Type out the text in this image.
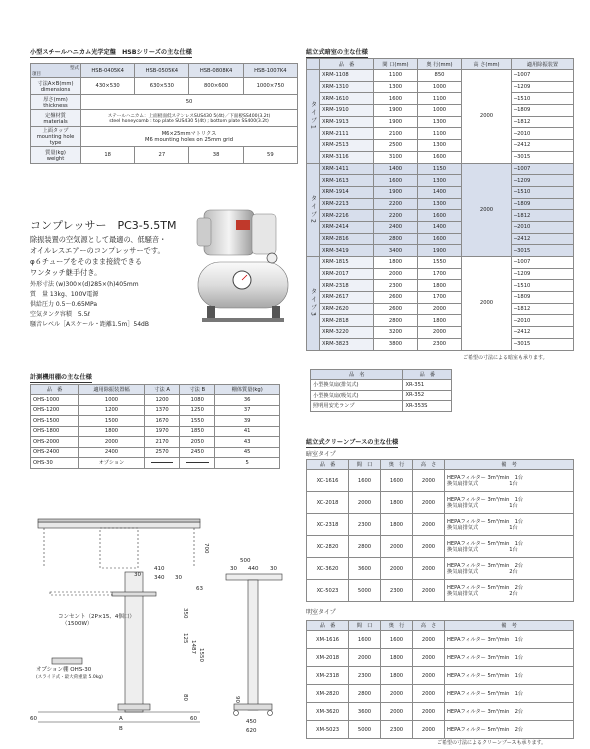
小型スチールハニカム光学定盤　HSBシリーズの主な仕様
型式
項目	HSB-0405K4	HSB-0505K4	HSB-0808K4	HSB-1007K4
寸法A×B(mm)
dimensions	430×530	630×530	800×600	1000×750
厚さ(mm)
thickness	50			
定盤材質
materials	ステールハニカム：上面板面低ステンレスSUS430 5(4t)／下面板SS400(3.2t)
steel honeycomb : top plate SUS430 5(4t) ; bottom plate SS400(3.2t)			
上面タップ
mounting hole type	M6×25mmマトリクス
M6 mounting holes on 25mm grid			
質量(kg)
weight	18	27	38	59
コンプレッサー　PC3-5.5TM
除振装置の空気源として最適の、低騒音・
オイルレスエアーのコンプレッサーです。
φ６チューブをそのまま接続できる
ワンタッチ継手付き。
外形寸法 (w)300×(d)285×(h)405mm
質　量 13kg、100V電源
供給圧力 0.5～0.65MPa
空気タンク容積　5.5ℓ
騒音レベル［Aスケール・距離1.5m］54dB
計測機用棚の主な仕様
品　番	適用除振装置幅	寸法 A	寸法 B	棚体質量(kg)
OHS-1000	1000	1200	1080	36
OHS-1200	1200	1370	1250	37
OHS-1500	1500	1670	1550	39
OHS-1800	1800	1970	1850	41
OHS-2000	2000	2170	2050	43
OHS-2400	2400	2570	2450	45
OHS-30	オプション			5
A
B
410
30 340 30
700
63
350
125
1487
1550
80
60	60
コンセント（2P×15、4個口）
（1500W）
オプション棚 OHS-30
(スライド式・最大荷重量 5.0kg)
500
30 440 30
90
450
620
組立式暗室の主な仕様
	品　番	間 口(mm)	奥 行(mm)	高 さ(mm)	適用除振装置
タイプ1	XRM-1108	1100	850	2000	─1007
	XRM-1310	1300	1000		─1209
	XRM-1610	1600	1100		─1510
	XRM-1910	1900	1000		─1809
	XRM-1913	1900	1300		─1812
	XRM-2111	2100	1100		─2010
	XRM-2513	2500	1300		─2412
	XRM-3116	3100	1600		─3015
タイプ2	XRM-1411	1400	1150	2000	─1007
	XRM-1613	1600	1300		─1209
	XRM-1914	1900	1400		─1510
	XRM-2213	2200	1300		─1809
	XRM-2216	2200	1600		─1812
	XRM-2414	2400	1400		─2010
	XRM-2816	2800	1600		─2412
	XRM-3419	3400	1900		─3015
タイプ3	XRM-1815	1800	1550	2000	─1007
	XRM-2017	2000	1700		─1209
	XRM-2318	2300	1800		─1510
	XRM-2617	2600	1700		─1809
	XRM-2620	2600	2000		─1812
	XRM-2818	2800	1800		─2010
	XRM-3220	3200	2000		─2412
	XRM-3823	3800	2300		─3015
ご希望の寸法による暗室も承ります。
品　名	品　番
小型換気扇(排気式)	XR-351
小型換気扇(吸気式)	XR-352
照明用安光ランプ	XR-353S
組立式クリーンブースの主な仕様
暗室タイプ
品　番	間　口	奥　行	高　さ	備　考
XC-1616	1600	1600	2000	HEPAフィルター 3m³/min　1台
換気扇排気式　　　　　　1台
XC-2018	2000	1800	2000	HEPAフィルター 3m³/min　1台
換気扇排気式　　　　　　1台
XC-2318	2300	1800	2000	HEPAフィルター 5m³/min　1台
換気扇排気式　　　　　　1台
XC-2820	2800	2000	2000	HEPAフィルター 5m³/min　1台
換気扇排気式　　　　　　1台
XC-3620	3600	2000	2000	HEPAフィルター 3m³/min　2台
換気扇排気式　　　　　　2台
XC-5023	5000	2300	2000	HEPAフィルター 5m³/min　2台
換気扇排気式　　　　　　2台
明室タイプ
品　番	間　口	奥　行	高　さ	備　考
XM-1616	1600	1600	2000	HEPAフィルター 3m³/min　1台
XM-2018	2000	1800	2000	HEPAフィルター 3m³/min　1台
XM-2318	2300	1800	2000	HEPAフィルター 5m³/min　1台
XM-2820	2800	2000	2000	HEPAフィルター 5m³/min　1台
XM-3620	3600	2000	2000	HEPAフィルター 3m³/min　2台
XM-5023	5000	2300	2000	HEPAフィルター 5m³/min　2台
ご希望の寸法によるクリーンブースも承ります。
